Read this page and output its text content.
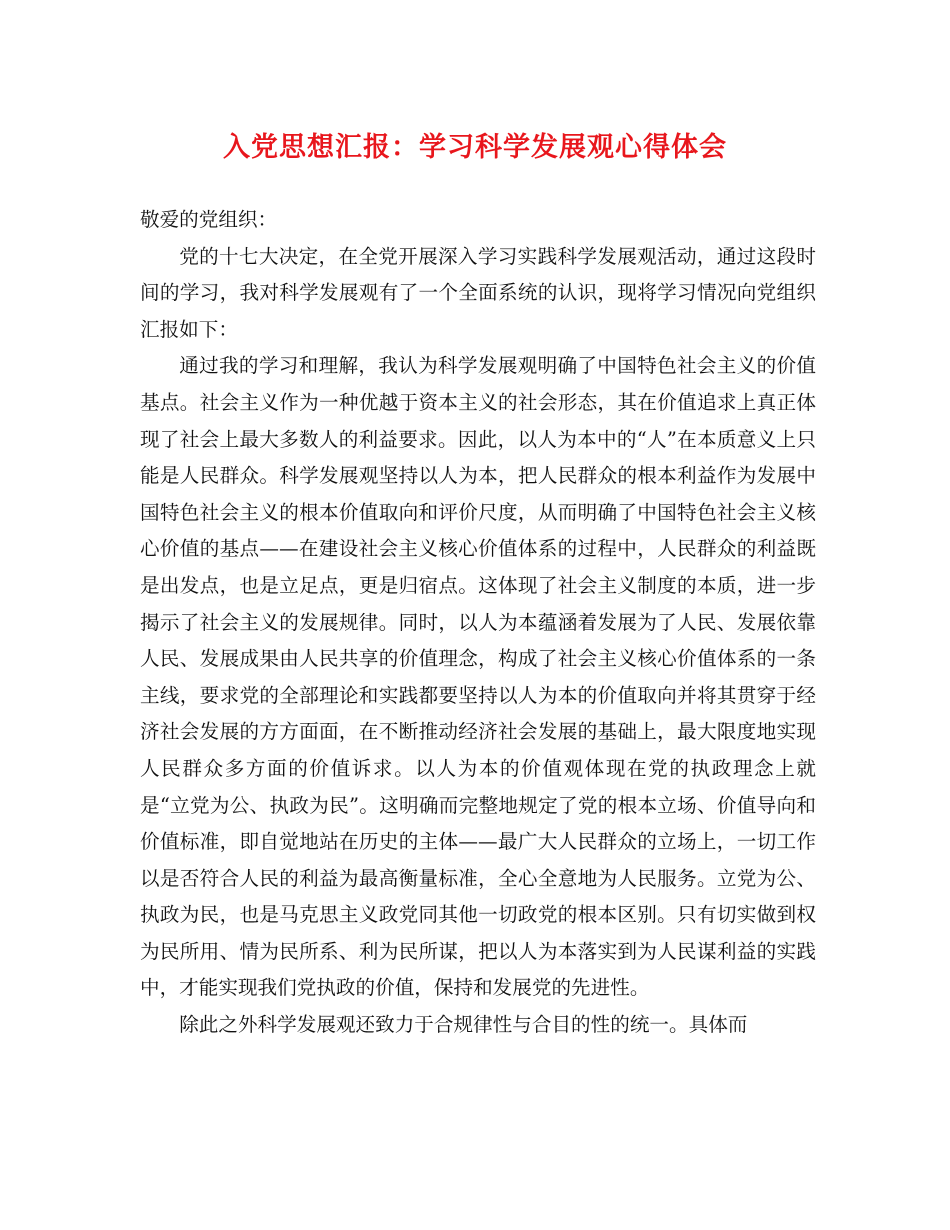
入党思想汇报：学习科学发展观心得体会

敬爱的党组织：

党的十七大决定，在全党开展深入学习实践科学发展观活动，通过这段时间的学习，我对科学发展观有了一个全面系统的认识，现将学习情况向党组织汇报如下：

通过我的学习和理解，我认为科学发展观明确了中国特色社会主义的价值基点。社会主义作为一种优越于资本主义的社会形态，其在价值追求上真正体现了社会上最大多数人的利益要求。因此，以人为本中的“人”在本质意义上只能是人民群众。科学发展观坚持以人为本，把人民群众的根本利益作为发展中国特色社会主义的根本价值取向和评价尺度，从而明确了中国特色社会主义核心价值的基点——在建设社会主义核心价值体系的过程中，人民群众的利益既是出发点，也是立足点，更是归宿点。这体现了社会主义制度的本质，进一步揭示了社会主义的发展规律。同时，以人为本蕴涵着发展为了人民、发展依靠人民、发展成果由人民共享的价值理念，构成了社会主义核心价值体系的一条主线，要求党的全部理论和实践都要坚持以人为本的价值取向并将其贯穿于经济社会发展的方方面面，在不断推动经济社会发展的基础上，最大限度地实现人民群众多方面的价值诉求。以人为本的价值观体现在党的执政理念上就是“立党为公、执政为民”。这明确而完整地规定了党的根本立场、价值导向和价值标准，即自觉地站在历史的主体——最广大人民群众的立场上，一切工作以是否符合人民的利益为最高衡量标准，全心全意地为人民服务。立党为公、执政为民，也是马克思主义政党同其他一切政党的根本区别。只有切实做到权为民所用、情为民所系、利为民所谋，把以人为本落实到为人民谋利益的实践中，才能实现我们党执政的价值，保持和发展党的先进性。

除此之外科学发展观还致力于合规律性与合目的性的统一。具体而
